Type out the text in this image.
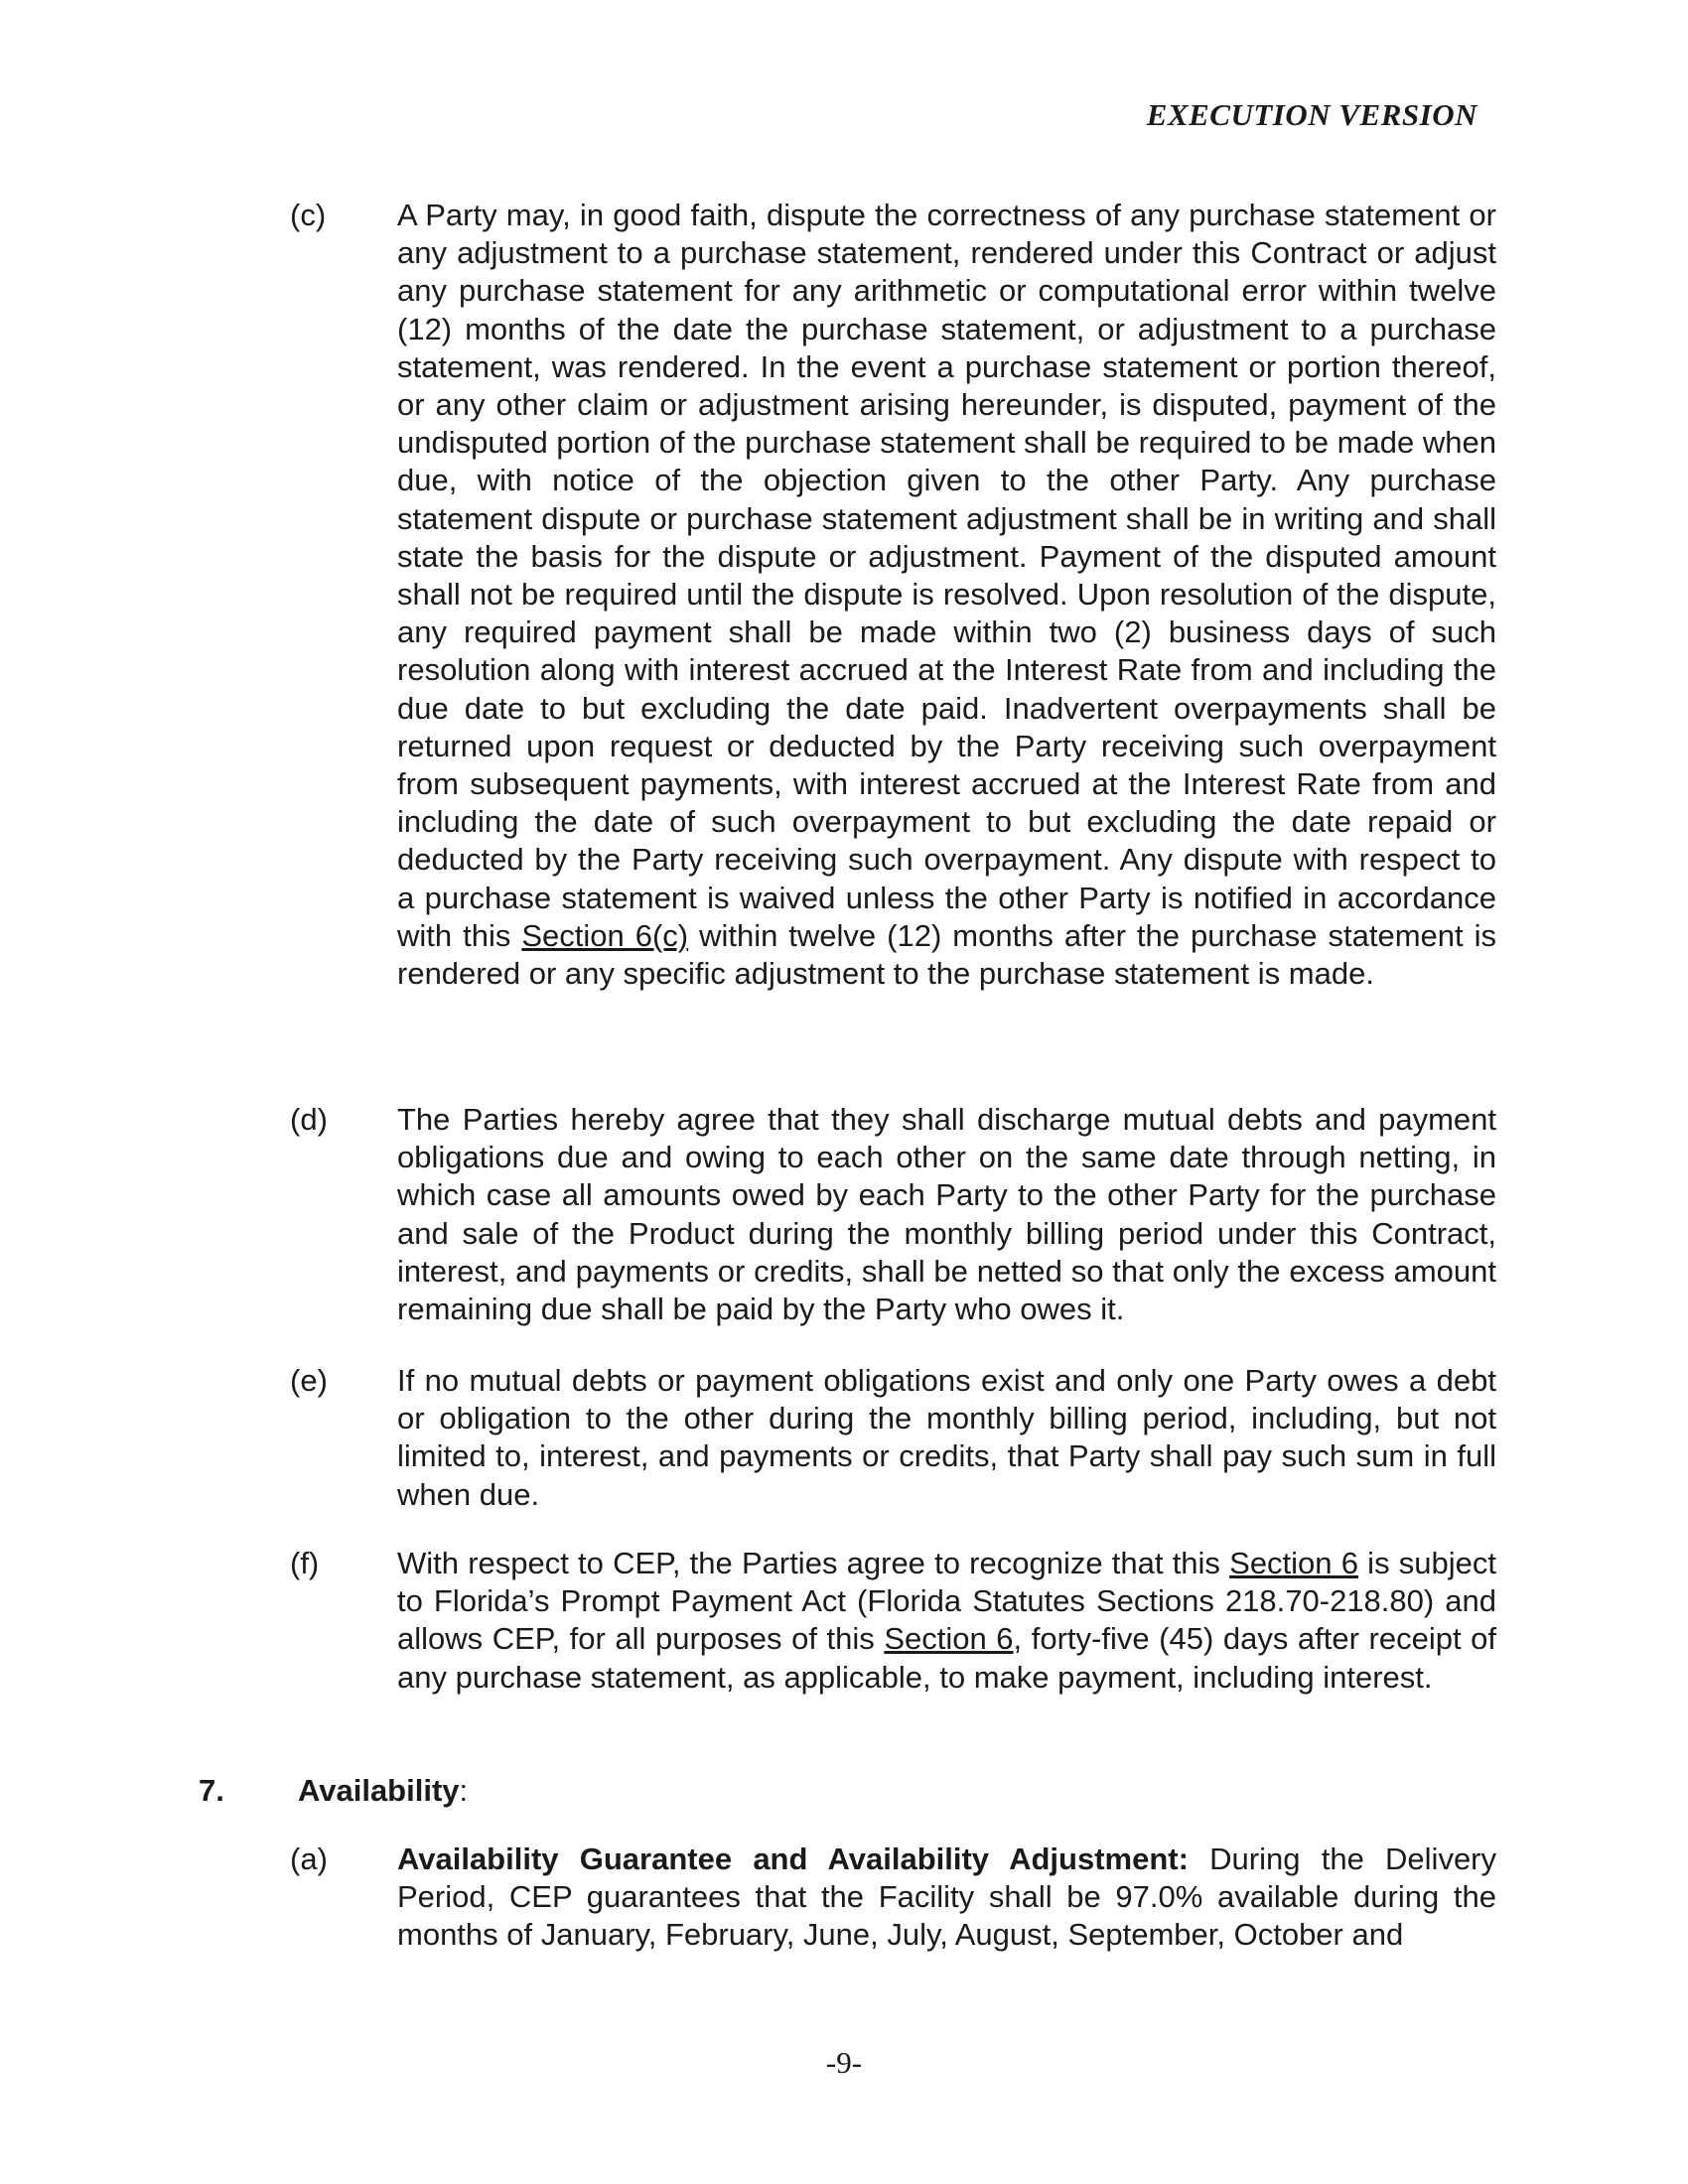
EXECUTION VERSION
(c) A Party may, in good faith, dispute the correctness of any purchase statement or any adjustment to a purchase statement, rendered under this Contract or adjust any purchase statement for any arithmetic or computational error within twelve (12) months of the date the purchase statement, or adjustment to a purchase statement, was rendered. In the event a purchase statement or portion thereof, or any other claim or adjustment arising hereunder, is disputed, payment of the undisputed portion of the purchase statement shall be required to be made when due, with notice of the objection given to the other Party. Any purchase statement dispute or purchase statement adjustment shall be in writing and shall state the basis for the dispute or adjustment. Payment of the disputed amount shall not be required until the dispute is resolved. Upon resolution of the dispute, any required payment shall be made within two (2) business days of such resolution along with interest accrued at the Interest Rate from and including the due date to but excluding the date paid. Inadvertent overpayments shall be returned upon request or deducted by the Party receiving such overpayment from subsequent payments, with interest accrued at the Interest Rate from and including the date of such overpayment to but excluding the date repaid or deducted by the Party receiving such overpayment. Any dispute with respect to a purchase statement is waived unless the other Party is notified in accordance with this Section 6(c) within twelve (12) months after the purchase statement is rendered or any specific adjustment to the purchase statement is made.
(d) The Parties hereby agree that they shall discharge mutual debts and payment obligations due and owing to each other on the same date through netting, in which case all amounts owed by each Party to the other Party for the purchase and sale of the Product during the monthly billing period under this Contract, interest, and payments or credits, shall be netted so that only the excess amount remaining due shall be paid by the Party who owes it.
(e) If no mutual debts or payment obligations exist and only one Party owes a debt or obligation to the other during the monthly billing period, including, but not limited to, interest, and payments or credits, that Party shall pay such sum in full when due.
(f)	With respect to CEP, the Parties agree to recognize that this Section 6 is subject to Florida’s Prompt Payment Act (Florida Statutes Sections 218.70-218.80) and allows CEP, for all purposes of this Section 6, forty-five (45) days after receipt of any purchase statement, as applicable, to make payment, including interest.
7. Availability:
(a) Availability Guarantee and Availability Adjustment: During the Delivery Period, CEP guarantees that the Facility shall be 97.0% available during the months of January, February, June, July, August, September, October and
-9-
